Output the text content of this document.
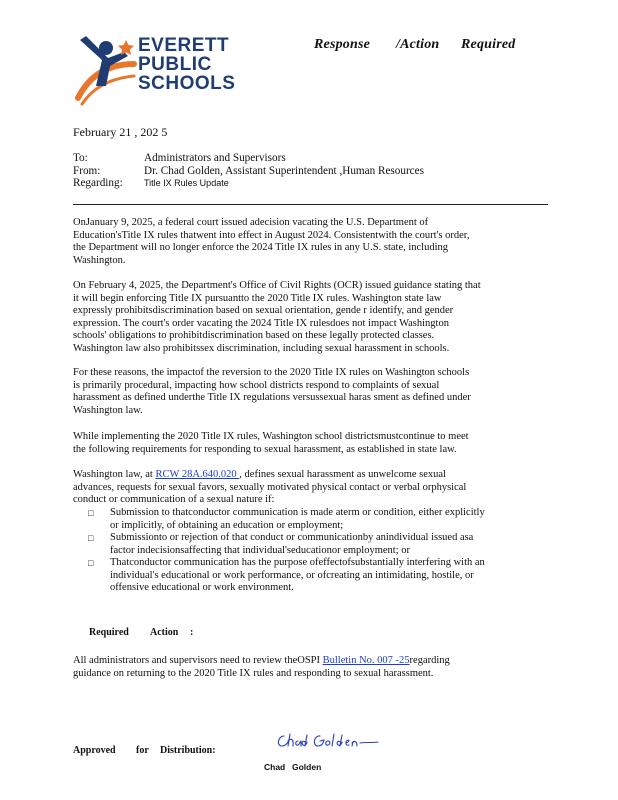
EVERETT
PUBLIC
SCHOOLS
Response /Action Required
February 21 , 202 5
To:	Administrators and Supervisors
From:	Dr. Chad Golden, Assistant Superintendent ,Human Resources
Regarding: Title IX Rules Update
OnJanuary 9, 2025, a federal court issued adecision vacating the U.S. Department of
Education'sTitle IX rules thatwent into effect in August 2024. Consistentwith the court's order,
the Department will no longer enforce the 2024 Title IX rules in any U.S. state, including
Washington.
On February 4, 2025, the Department's Office of Civil Rights (OCR) issued guidance stating that
it will begin enforcing Title IX pursuantto the 2020 Title IX rules. Washington state law
expressly prohibitsdiscrimination based on sexual orientation, gende r identify, and gender
expression. The court's order vacating the 2024 Title IX rulesdoes not impact Washington
schools' obligations to prohibitdiscrimination based on these legally protected classes.
Washington law also prohibitssex discrimination, including sexual harassment in schools.
For these reasons, the impactof the reversion to the 2020 Title IX rules on Washington schools
is primarily procedural, impacting how school districts respond to complaints of sexual
harassment as defined underthe Title IX regulations versussexual haras sment as defined under
Washington law.
While implementing the 2020 Title IX rules, Washington school districtsmustcontinue to meet
the following requirements for responding to sexual harassment, as established in state law.
Washington law, at RCW 28A.640.020 , defines sexual harassment as unwelcome sexual
advances, requests for sexual favors, sexually motivated physical contact or verbal orphysical
conduct or communication of a sexual nature if:
□ Submission to thatconductor communication is made aterm or condition, either explicitly
or implicitly, of obtaining an education or employment;
□ Submissionto or rejection of that conduct or communicationby anindividual issued asa
factor indecisionsaffecting that individual'seducationor employment; or
□ Thatconductor communication has the purpose ofeffectofsubstantially interfering with an
individual's educational or work performance, or ofcreating an intimidating, hostile, or
offensive educational or work environment.
Required Action :
All administrators and supervisors need to review theOSPI Bulletin No. 007 -25regarding
guidance on returning to the 2020 Title IX rules and responding to sexual harassment.
Approved for Distribution:
Chad Golden
